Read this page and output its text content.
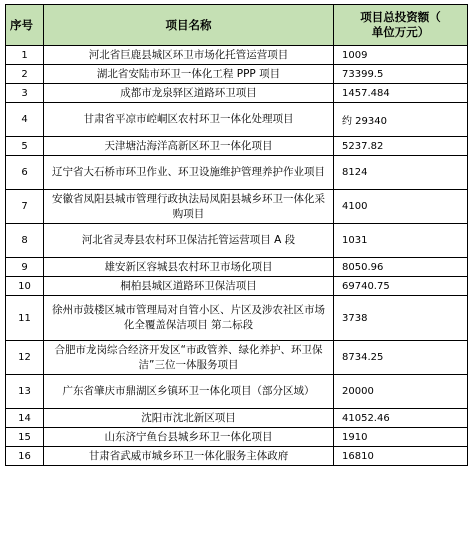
序号	项目名称	项目总投资额（
单位万元）
1	河北省巨鹿县城区环卫市场化托管运营项目	1009
2	湖北省安陆市环卫一体化工程 PPP 项目	73399.5
3	成都市龙泉驿区道路环卫项目	1457.484
4	甘肃省平凉市崆峒区农村环卫一体化处理项目	约 29340
5	天津塘沽海洋高新区环卫一体化项目	5237.82
6	辽宁省大石桥市环卫作业、环卫设施维护管理养护作业项目	8124
7	安徽省凤阳县城市管理行政执法局凤阳县城乡环卫一体化采购项目	4100
8	河北省灵寿县农村环卫保洁托管运营项目 A 段	1031
9	雄安新区容城县农村环卫市场化项目	8050.96
10	桐柏县城区道路环卫保洁项目	69740.75
11	徐州市鼓楼区城市管理局对自管小区、片区及涉农社区市场化全覆盖保洁项目 第二标段	3738
12	合肥市龙岗综合经济开发区“市政管养、绿化养护、环卫保洁”三位一体服务项目	8734.25
13	广东省肇庆市鼎湖区乡镇环卫一体化项目（部分区域）	20000
14	沈阳市沈北新区项目	41052.46
15	山东济宁鱼台县城乡环卫一体化项目	1910
16	甘肃省武威市城乡环卫一体化服务主体政府	16810
